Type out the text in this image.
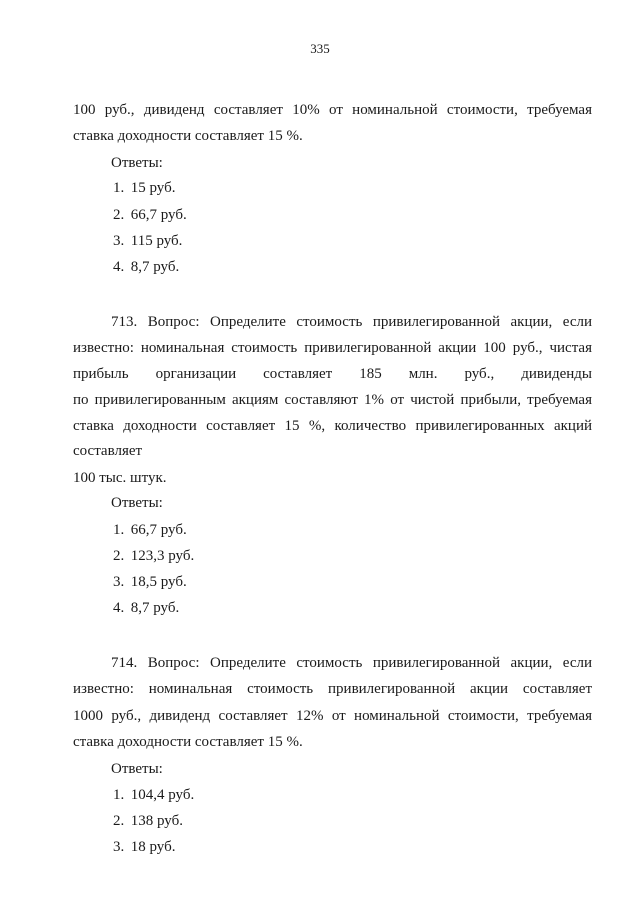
335
100 руб., дивиденд составляет 10% от номинальной стоимости, требуемая
ставка доходности составляет 15 %.
Ответы:
1. 15 руб.
2. 66,7 руб.
3. 115 руб.
4. 8,7 руб.
713. Вопрос: Определите стоимость привилегированной акции, если
известно: номинальная стоимость привилегированной акции 100 руб., чистая
прибыль организации составляет 185 млн. руб., дивиденды
по привилегированным акциям составляют 1% от чистой прибыли, требуемая
ставка доходности составляет 15 %, количество привилегированных акций
составляет
100 тыс. штук.
Ответы:
1. 66,7 руб.
2. 123,3 руб.
3. 18,5 руб.
4. 8,7 руб.
714. Вопрос: Определите стоимость привилегированной акции, если
известно: номинальная стоимость привилегированной акции составляет
1000 руб., дивиденд составляет 12% от номинальной стоимости, требуемая
ставка доходности составляет 15 %.
Ответы:
1. 104,4 руб.
2. 138 руб.
3. 18 руб.
